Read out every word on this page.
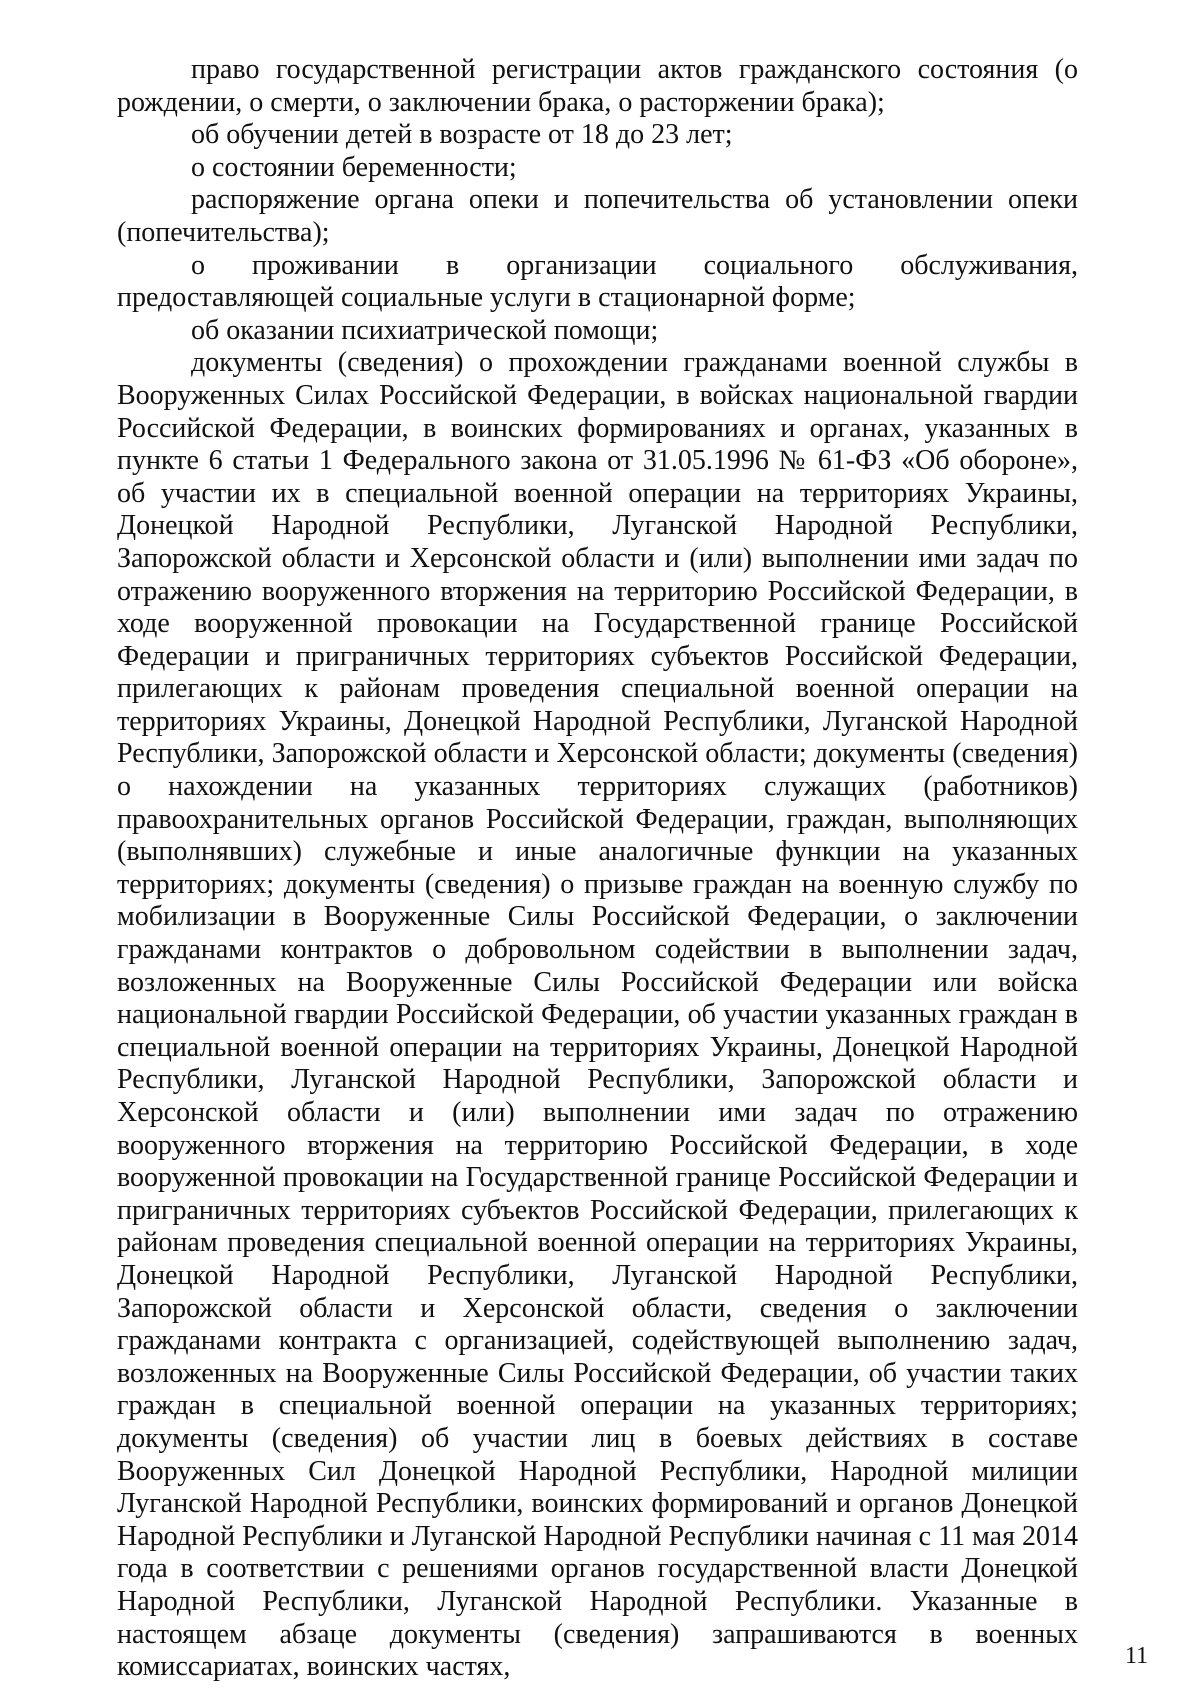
право государственной регистрации актов гражданского состояния (о рождении, о смерти, о заключении брака, о расторжении брака);

об обучении детей в возрасте от 18 до 23 лет;

о состоянии беременности;

распоряжение органа опеки и попечительства об установлении опеки (попечительства);

о проживании в организации социального обслуживания, предоставляющей социальные услуги в стационарной форме;

об оказании психиатрической помощи;

документы (сведения) о прохождении гражданами военной службы в Вооруженных Силах Российской Федерации, в войсках национальной гвардии Российской Федерации, в воинских формированиях и органах, указанных в пункте 6 статьи 1 Федерального закона от 31.05.1996 № 61-ФЗ «Об обороне», об участии их в специальной военной операции на территориях Украины, Донецкой Народной Республики, Луганской Народной Республики, Запорожской области и Херсонской области и (или) выполнении ими задач по отражению вооруженного вторжения на территорию Российской Федерации, в ходе вооруженной провокации на Государственной границе Российской Федерации и приграничных территориях субъектов Российской Федерации, прилегающих к районам проведения специальной военной операции на территориях Украины, Донецкой Народной Республики, Луганской Народной Республики, Запорожской области и Херсонской области; документы (сведения) о нахождении на указанных территориях служащих (работников) правоохранительных органов Российской Федерации, граждан, выполняющих (выполнявших) служебные и иные аналогичные функции на указанных территориях; документы (сведения) о призыве граждан на военную службу по мобилизации в Вооруженные Силы Российской Федерации, о заключении гражданами контрактов о добровольном содействии в выполнении задач, возложенных на Вооруженные Силы Российской Федерации или войска национальной гвардии Российской Федерации, об участии указанных граждан в специальной военной операции на территориях Украины, Донецкой Народной Республики, Луганской Народной Республики, Запорожской области и Херсонской области и (или) выполнении ими задач по отражению вооруженного вторжения на территорию Российской Федерации, в ходе вооруженной провокации на Государственной границе Российской Федерации и приграничных территориях субъектов Российской Федерации, прилегающих к районам проведения специальной военной операции на территориях Украины, Донецкой Народной Республики, Луганской Народной Республики, Запорожской области и Херсонской области, сведения о заключении гражданами контракта с организацией, содействующей выполнению задач, возложенных на Вооруженные Силы Российской Федерации, об участии таких граждан в специальной военной операции на указанных территориях; документы (сведения) об участии лиц в боевых действиях в составе Вооруженных Сил Донецкой Народной Республики, Народной милиции Луганской Народной Республики, воинских формирований и органов Донецкой Народной Республики и Луганской Народной Республики начиная с 11 мая 2014 года в соответствии с решениями органов государственной власти Донецкой Народной Республики, Луганской Народной Республики. Указанные в настоящем абзаце документы (сведения) запрашиваются в военных комиссариатах, воинских частях,	11
